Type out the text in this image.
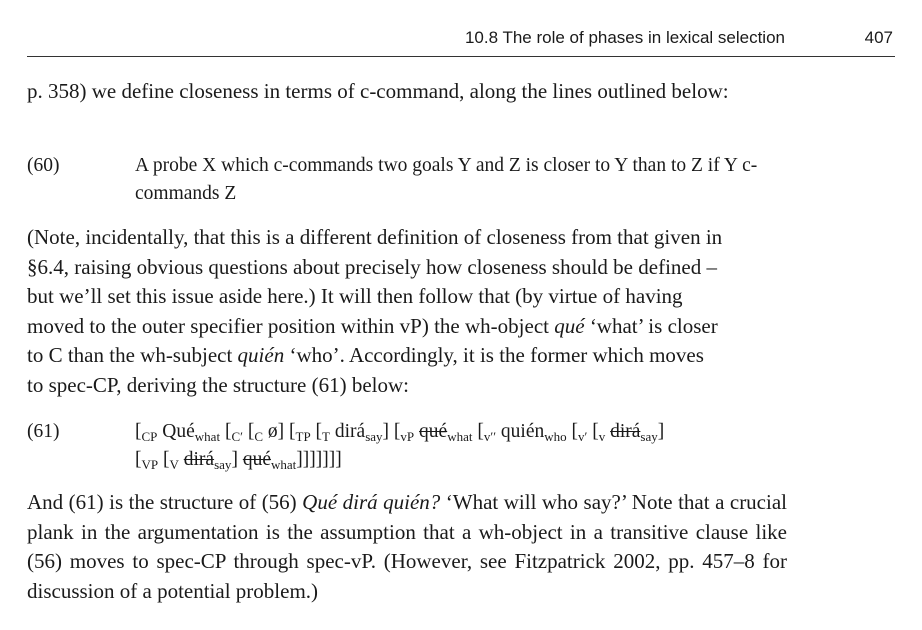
10.8 The role of phases in lexical selection	407

p. 358) we define closeness in terms of c-command, along the lines outlined below:

(60)	A probe X which c-commands two goals Y and Z is closer to Y than to Z if Y c-commands Z

(Note, incidentally, that this is a different definition of closeness from that given in
§6.4, raising obvious questions about precisely how closeness should be defined –
but we’ll set this issue aside here.) It will then follow that (by virtue of having
moved to the outer specifier position within vP) the wh-object qué ‘what’ is closer
to C than the wh-subject quién ‘who’. Accordingly, it is the former which moves
to spec-CP, deriving the structure (61) below:

(61)	[$_{CP}$ Qué$_{what}$ [$_{C'}$ [$_C$ ø] [$_{TP}$ [$_T$ dirá$_{say}$] [$_{vP}$ qué$_{what}$ [$_{v''}$ quién$_{who}$ [$_{v'}$ [$_v$ dirá$_{say}$]
[$_{VP}$ [$_V$ dirá$_{say}$] qué$_{what}$]]]]]]]

And (61) is the structure of (56) Qué dirá quién? ‘What will who say?’ Note that a crucial plank in the argumentation is the assumption that a wh-object in a transitive clause like (56) moves to spec-CP through spec-vP. (However, see Fitzpatrick 2002, pp. 457–8 for discussion of a potential problem.)
